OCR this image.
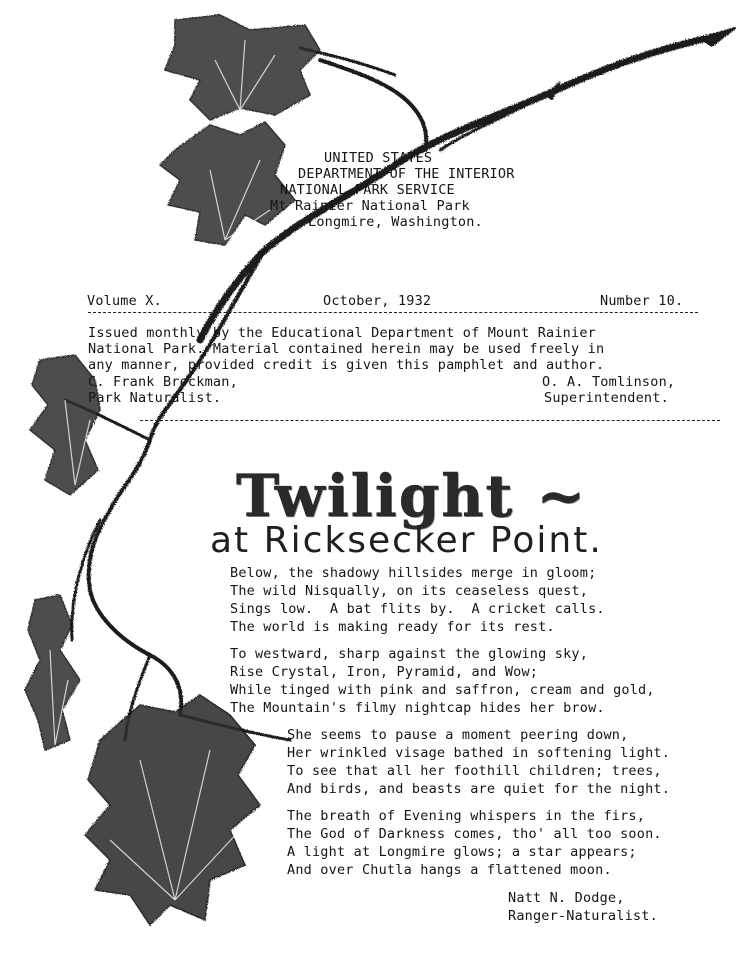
UNITED STATES
DEPARTMENT OF THE INTERIOR
NATIONAL PARK SERVICE
Mt Rainier National Park
Longmire, Washington.
Volume X.	October, 1932	Number 10.
Issued monthly by the Educational Department of Mount Rainier
National Park. Material contained herein may be used freely in
any manner, provided credit is given this pamphlet and author.
C. Frank Brockman,
Park Naturalist.
O. A. Tomlinson,
Superintendent.
Twilight ~
at Ricksecker Point.
Below, the shadowy hillsides merge in gloom;
The wild Nisqually, on its ceaseless quest,
Sings low.  A bat flits by.  A cricket calls.
The world is making ready for its rest.
To westward, sharp against the glowing sky,
Rise Crystal, Iron, Pyramid, and Wow;
While tinged with pink and saffron, cream and gold,
The Mountain's filmy nightcap hides her brow.
She seems to pause a moment peering down,
Her wrinkled visage bathed in softening light.
To see that all her foothill children; trees,
And birds, and beasts are quiet for the night.
The breath of Evening whispers in the firs,
The God of Darkness comes, tho' all too soon.
A light at Longmire glows; a star appears;
And over Chutla hangs a flattened moon.
Natt N. Dodge,
Ranger-Naturalist.
